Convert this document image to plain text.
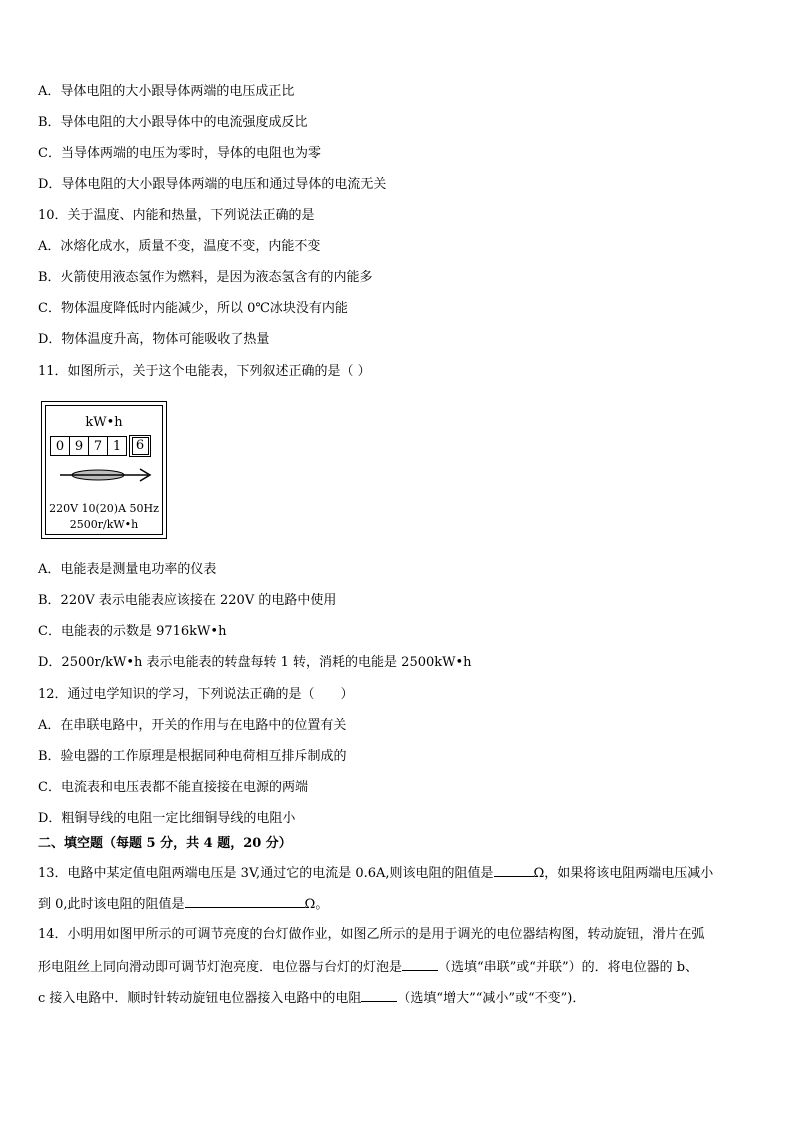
A．导体电阻的大小跟导体两端的电压成正比
B．导体电阻的大小跟导体中的电流强度成反比
C．当导体两端的电压为零时，导体的电阻也为零
D．导体电阻的大小跟导体两端的电压和通过导体的电流无关
10．关于温度、内能和热量，下列说法正确的是
A．冰熔化成水，质量不变，温度不变，内能不变
B．火箭使用液态氢作为燃料，是因为液态氢含有的内能多
C．物体温度降低时内能减少，所以 0℃冰块没有内能
D．物体温度升高，物体可能吸收了热量
11．如图所示，关于这个电能表，下列叙述正确的是（ ）
kW•h
0 9 7 1	6
220V 10(20)A 50Hz
2500r/kW•h
A．电能表是测量电功率的仪表
B．220V 表示电能表应该接在 220V 的电路中使用
C．电能表的示数是 9716kW•h
D．2500r/kW•h 表示电能表的转盘每转 1 转，消耗的电能是 2500kW•h
12．通过电学知识的学习，下列说法正确的是（　　）
A．在串联电路中，开关的作用与在电路中的位置有关
B．验电器的工作原理是根据同种电荷相互排斥制成的
C．电流表和电压表都不能直接接在电源的两端
D．粗铜导线的电阻一定比细铜导线的电阻小
二、填空题（每题 5 分，共 4 题，20 分）
13．电路中某定值电阻两端电压是 3V,通过它的电流是 0.6A,则该电阻的阻值是	Ω，如果将该电阻两端电压减小
到 0,此时该电阻的阻值是	Ω。
14．小明用如图甲所示的可调节亮度的台灯做作业，如图乙所示的是用于调光的电位器结构图，转动旋钮，滑片在弧
形电阻丝上同向滑动即可调节灯泡亮度．电位器与台灯的灯泡是	（选填“串联”或“并联”）的．将电位器的 b、
c 接入电路中．顺时针转动旋钮电位器接入电路中的电阻	（选填“增大”“减小”或“不变”)．
